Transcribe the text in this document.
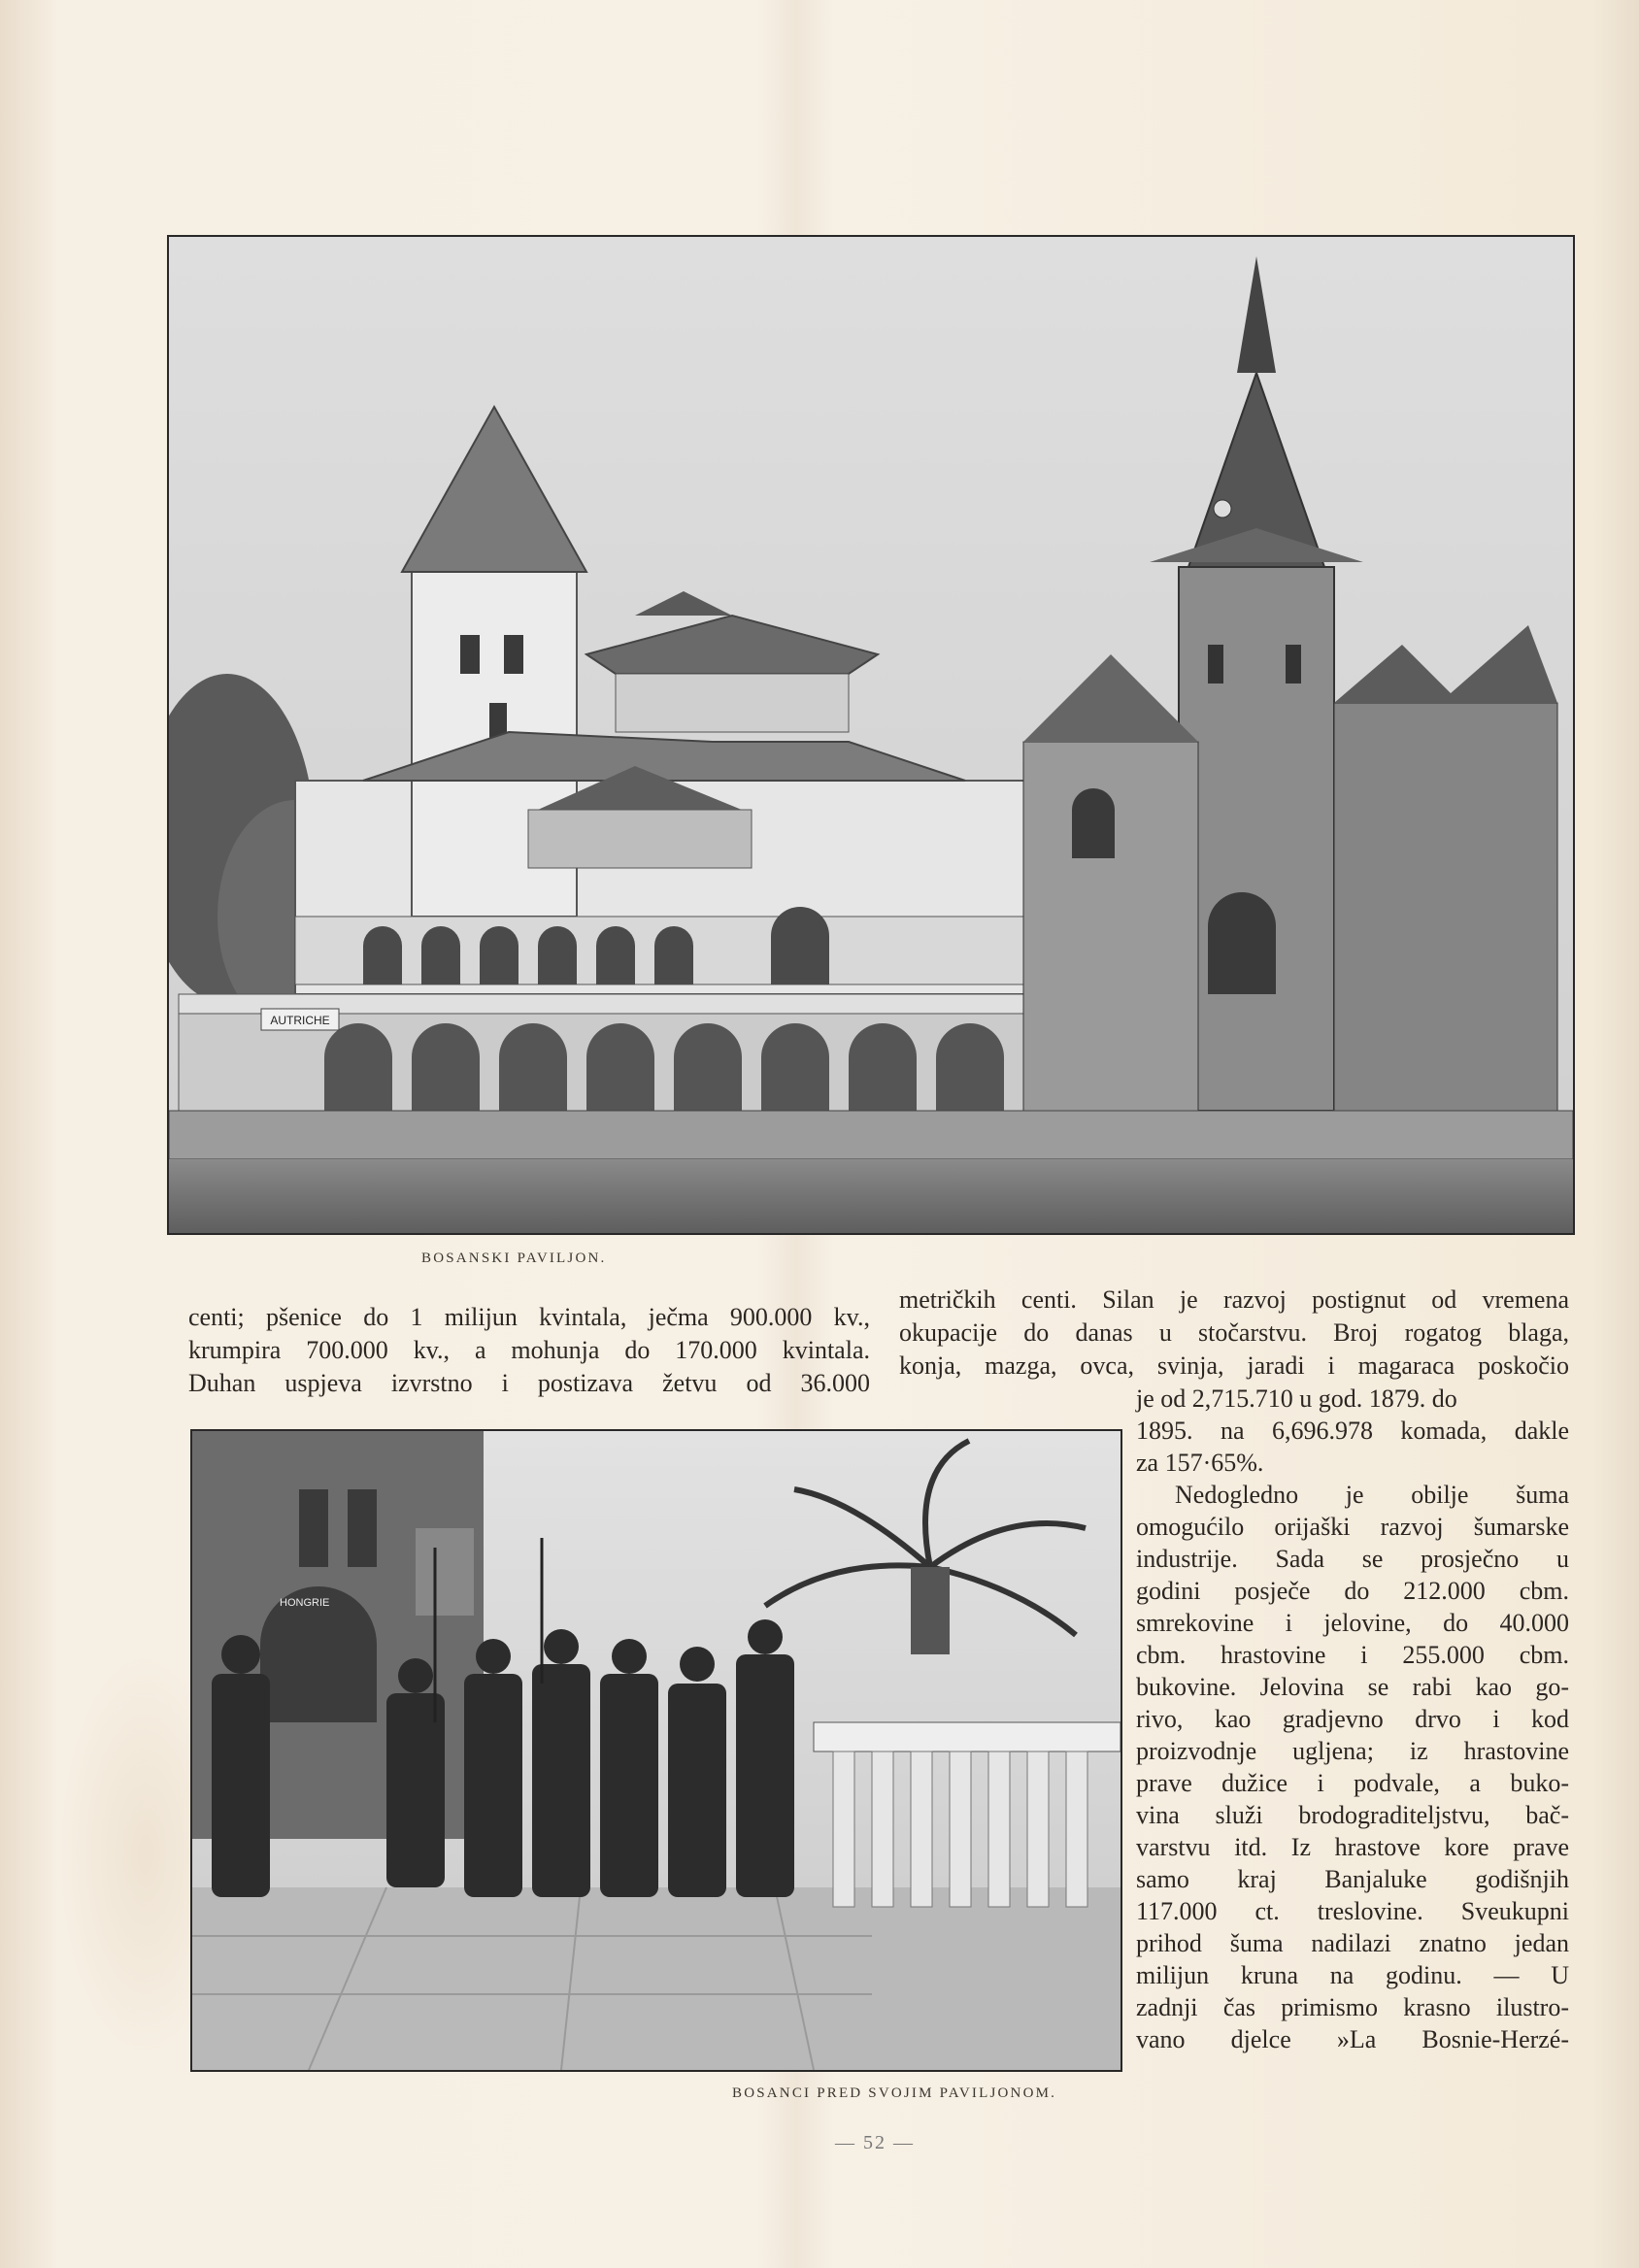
AUTRICHE
BOSANSKI PAVILJON.
centi; pšenice do 1 milijun kvintala, ječma 900.000 kv.,
krumpira 700.000 kv., a mohunja do 170.000 kvintala.
Duhan uspjeva izvrstno i postizava žetvu od 36.000
metričkih centi. Silan je razvoj postignut od vremena
okupacije do danas u stočarstvu. Broj rogatog blaga,
konja, mazga, ovca, svinja, jaradi i magaraca poskočio
HONGRIE
BOSANCI PRED SVOJIM PAVILJONOM.
je od 2,715.710 u god. 1879. do
1895. na 6,696.978 komada, dakle
za 157·65%.
Nedogledno je obilje šuma
omogućilo orijaški razvoj šumarske
industrije. Sada se prosječno u
godini posječe do 212.000 cbm.
smrekovine i jelovine, do 40.000
cbm. hrastovine i 255.000 cbm.
bukovine. Jelovina se rabi kao go-
rivo, kao gradjevno drvo i kod
proizvodnje ugljena; iz hrastovine
prave dužice i podvale, a buko-
vina služi brodograditeljstvu, bač-
varstvu itd. Iz hrastove kore prave
samo kraj Banjaluke godišnjih
117.000 ct. treslovine. Sveukupni
prihod šuma nadilazi znatno jedan
milijun kruna na godinu. — U
zadnji čas primismo krasno ilustro-
vano djelce »La Bosnie-Herzé-
— 52 —
